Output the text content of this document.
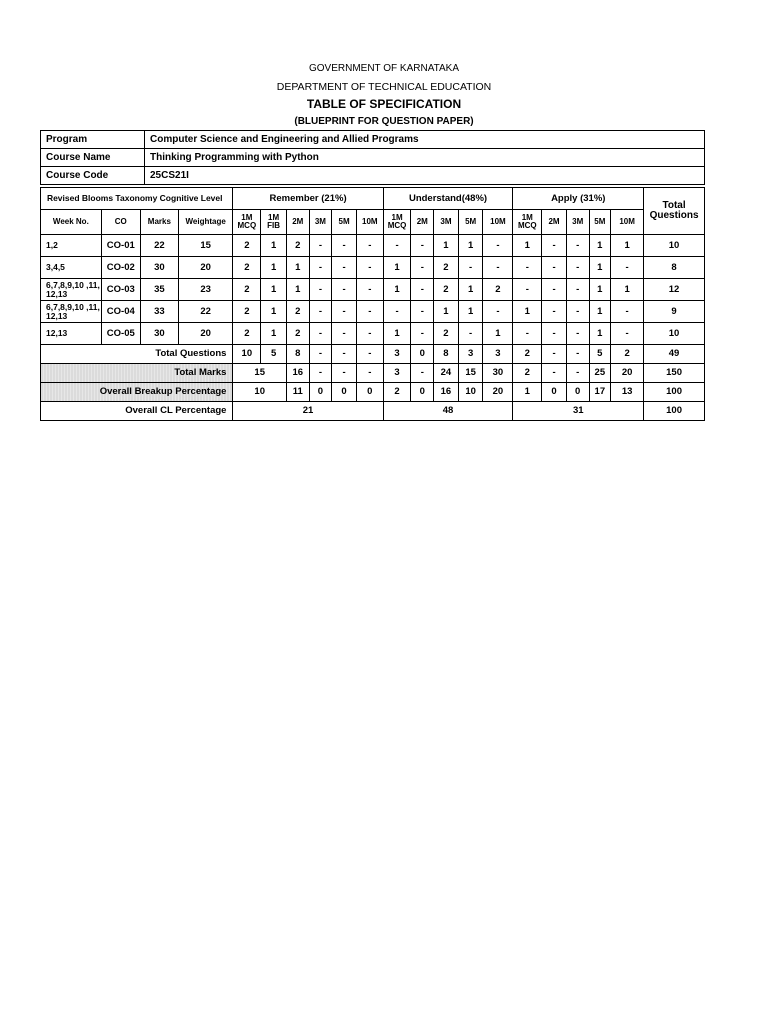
GOVERNMENT OF KARNATAKA
DEPARTMENT OF TECHNICAL EDUCATION
TABLE OF SPECIFICATION
(BLUEPRINT FOR QUESTION PAPER)
Program	Computer Science and Engineering and Allied Programs
Course Name	Thinking Programming with Python
Course Code	25CS21I
Revised Blooms Taxonomy Cognitive Level				Remember (21%)						Understand(48%)					Apply (31%)					Total Questions
Week No.	CO	Marks	Weightage	1M MCQ	1M FIB	2M	3M	5M	10M	1M MCQ	2M	3M	5M	10M	1M MCQ	2M	3M	5M	10M	
1,2	CO-01	22	15	2	1	2	-	-	-	-	-	1	1	-	1	-	-	1	1	10
3,4,5	CO-02	30	20	2	1	1	-	-	-	1	-	2	-	-	-	-	-	1	-	8
6,7,8,9,10 ,11, 12,13	CO-03	35	23	2	1	1	-	-	-	1	-	2	1	2	-	-	-	1	1	12
6,7,8,9,10 ,11, 12,13	CO-04	33	22	2	1	2	-	-	-	-	-	1	1	-	1	-	-	1	-	9
12,13	CO-05	30	20	2	1	2	-	-	-	1	-	2	-	1	-	-	-	1	-	10
Total Questions				10	5	8	-	-	-	3	0	8	3	3	2	-	-	5	2	49
Total Marks				15		16	-	-	-	3	-	24	15	30	2	-	-	25	20	150
Overall Breakup Percentage				10		11	0	0	0	2	0	16	10	20	1	0	0	17	13	100
Overall CL Percentage				21						48					31					100
